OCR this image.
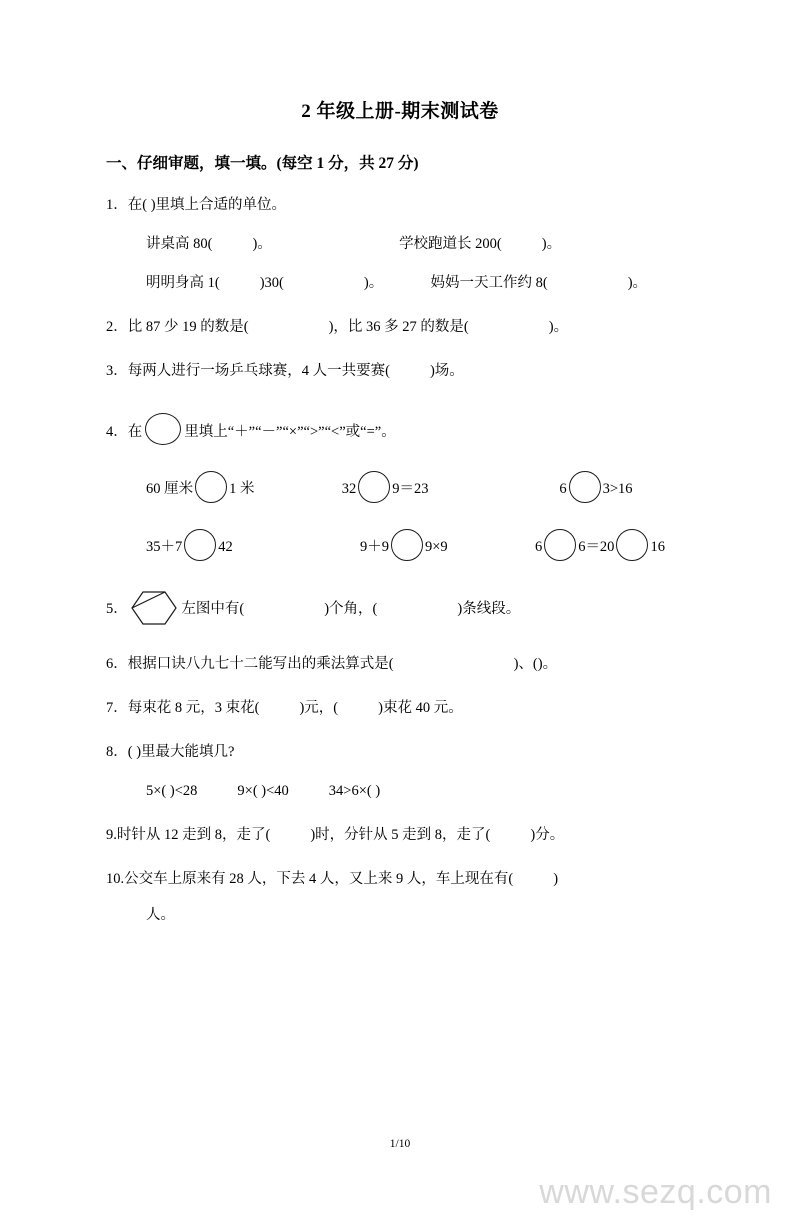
2 年级上册-期末测试卷
一、仔细审题，填一填。(每空 1 分，共 27 分)
1．在( )里填上合适的单位。
讲桌高 80(	)。	学校跑道长 200(	)。
明明身高 1(	)30(	)。	妈妈一天工作约 8(	)。
2．比 87 少 19 的数是(	)，比 36 多 27 的数是(	)。
3．每两人进行一场乒乓球赛，4 人一共要赛(	)场。
4．在	里填上“＋”“－”“×”“>”“<”或“=”。
60 厘米 1 米	32 9＝23	6 3>16
35＋7 42	9＋9 9×9	6 6＝20 16
5．	左图中有(	)个角，(	)条线段。
6．根据口诀八九七十二能写出的乘法算式是(	)、()。
7．每束花 8 元，3 束花(	)元，(	)束花 40 元。
8．( )里最大能填几?
5×( )<28	9×( )<40	34>6×( )
9.时针从 12 走到 8，走了(	)时，分针从 5 走到 8，走了(	)分。
10.公交车上原来有 28 人，下去 4 人，又上来 9 人，车上现在有(	)
人。
1/10
www.sezq.com
